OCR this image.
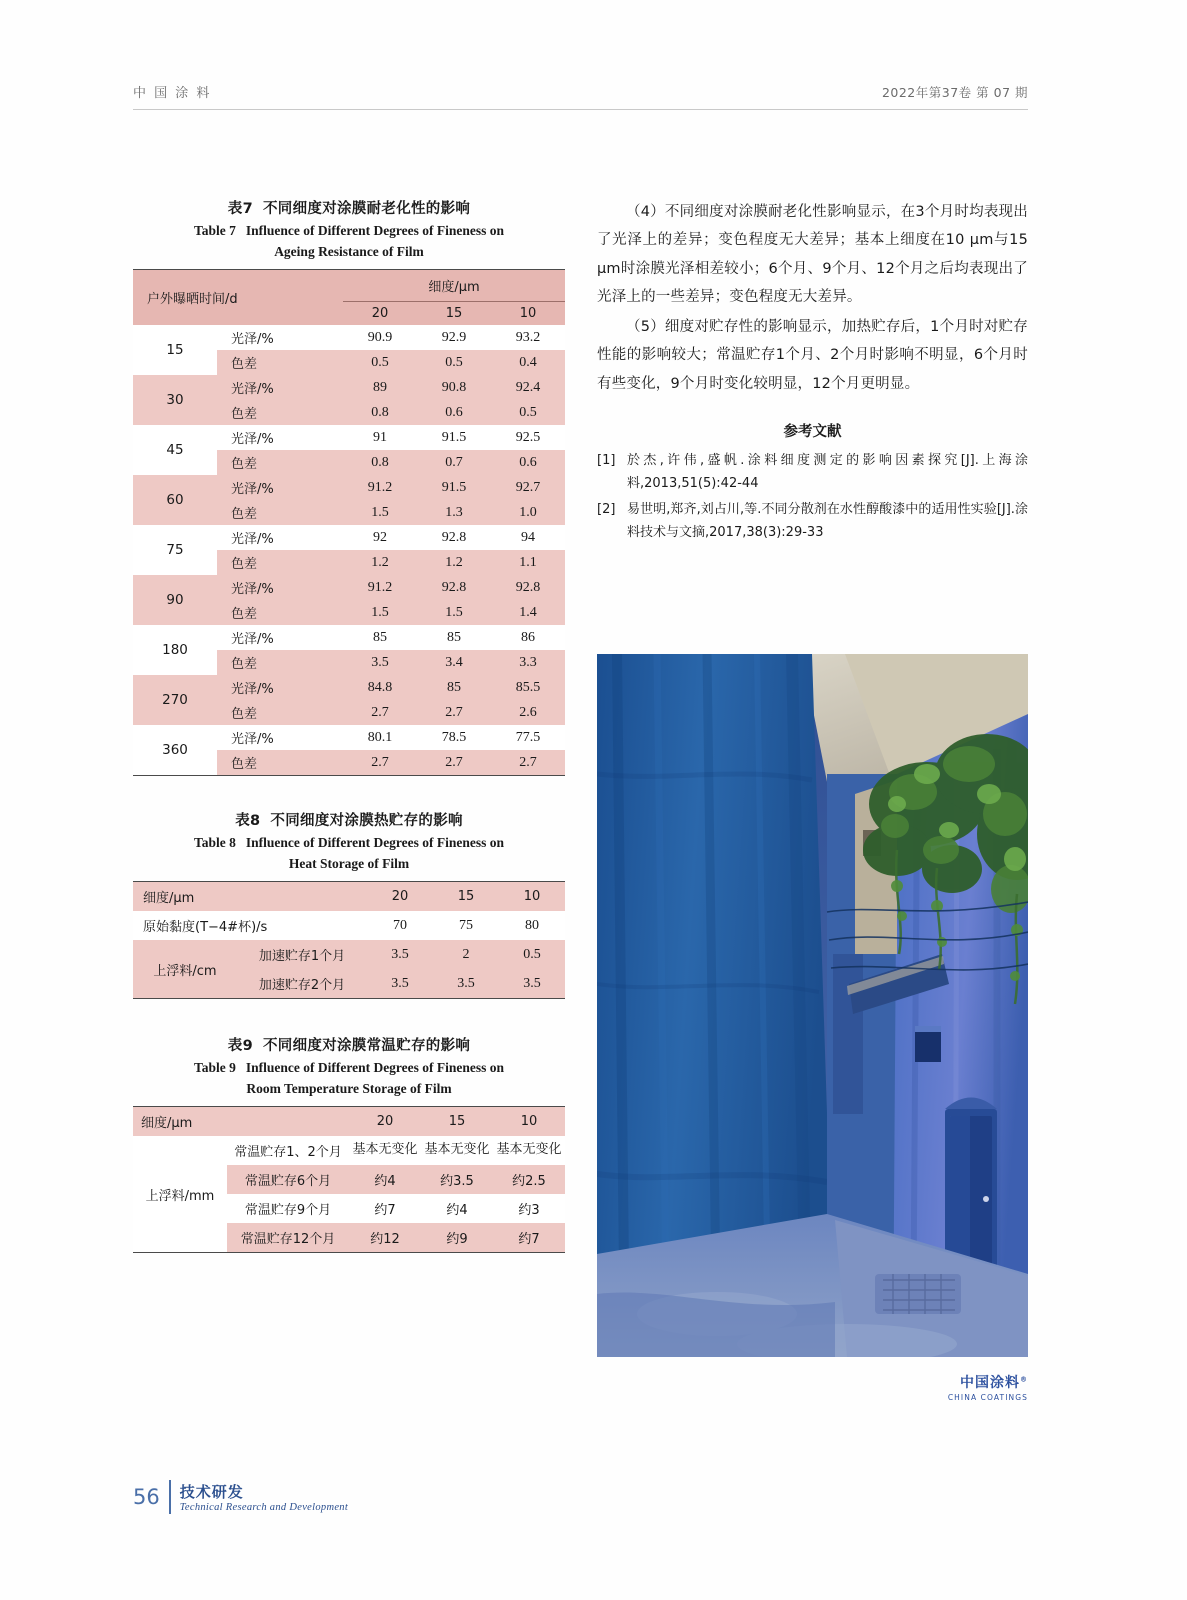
中 国 涂 料	2022年第37卷 第 07 期
表7 不同细度对涂膜耐老化性的影响
Table 7 Influence of Different Degrees of Fineness on
Ageing Resistance of Film
户外曝晒时间/d		细度/μm		
		20	15	10
15	光泽/%	90.9	92.9	93.2
	色差	0.5	0.5	0.4
30	光泽/%	89	90.8	92.4
	色差	0.8	0.6	0.5
45	光泽/%	91	91.5	92.5
	色差	0.8	0.7	0.6
60	光泽/%	91.2	91.5	92.7
	色差	1.5	1.3	1.0
75	光泽/%	92	92.8	94
	色差	1.2	1.2	1.1
90	光泽/%	91.2	92.8	92.8
	色差	1.5	1.5	1.4
180	光泽/%	85	85	86
	色差	3.5	3.4	3.3
270	光泽/%	84.8	85	85.5
	色差	2.7	2.7	2.6
360	光泽/%	80.1	78.5	77.5
	色差	2.7	2.7	2.7
表8 不同细度对涂膜热贮存的影响
Table 8 Influence of Different Degrees of Fineness on
Heat Storage of Film
细度/μm		20	15	10
原始黏度(T−4#杯)/s		70	75	80
上浮料/cm	加速贮存1个月	3.5	2	0.5
	加速贮存2个月	3.5	3.5	3.5
表9 不同细度对涂膜常温贮存的影响
Table 9 Influence of Different Degrees of Fineness on
Room Temperature Storage of Film
细度/μm		20	15	10
上浮料/mm	常温贮存1、2个月	基本无变化	基本无变化	基本无变化
	常温贮存6个月	约4	约3.5	约2.5
	常温贮存9个月	约7	约4	约3
	常温贮存12个月	约12	约9	约7

（4）不同细度对涂膜耐老化性影响显示，在3个月时均表现出了光泽上的差异；变色程度无大差异；基本上细度在10 μm与15 μm时涂膜光泽相差较小；6个月、9个月、12个月之后均表现出了光泽上的一些差异；变色程度无大差异。

（5）细度对贮存性的影响显示，加热贮存后，1个月时对贮存性能的影响较大；常温贮存1个月、2个月时影响不明显，6个月时有些变化，9个月时变化较明显，12个月更明显。

参考文献
[1] 於杰,许伟,盛帆.涂料细度测定的影响因素探究[J].上海涂料,2013,51(5):42-44
[2] 易世明,郑齐,刘占川,等.不同分散剂在水性醇酸漆中的适用性实验[J].涂料技术与文摘,2017,38(3):29-33
中国涂料®
CHINA COATINGS
56 技术研发
Technical Research and Development
